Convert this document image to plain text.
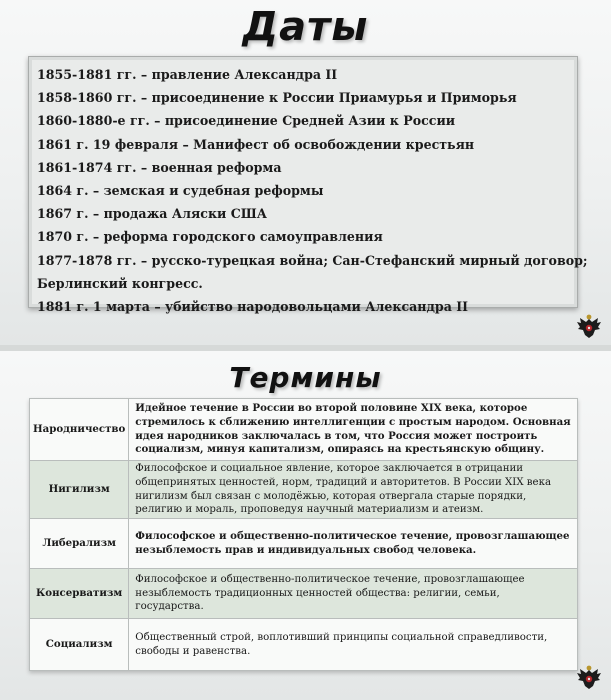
Даты
1855-1881 гг. – правление Александра II
1858-1860 гг. – присоединение к России Приамурья и Приморья
1860-1880-е гг. – присоединение Средней Азии к России
1861 г. 19 февраля – Манифест об освобождении крестьян
1861-1874 гг. – военная реформа
1864 г. – земская и судебная реформы
1867 г. – продажа Аляски США
1870 г. – реформа городского самоуправления
1877-1878 гг. – русско-турецкая война; Сан-Стефанский мирный договор;
Берлинский конгресс.
1881 г. 1 марта – убийство народовольцами Александра II
Термины
Народничество	Идейное течение в России во второй половине XIX века, которое стремилось к сближению интеллигенции с простым народом. Основная идея народников заключалась в том, что Россия может построить социализм, минуя капитализм, опираясь на крестьянскую общину.
Нигилизм	Философское и социальное явление, которое заключается в отрицании общепринятых ценностей, норм, традиций и авторитетов. В России XIX века нигилизм был связан с молодёжью, которая отвергала старые порядки, религию и мораль, проповедуя научный материализм и атеизм.
Либерализм	Философское и общественно-политическое течение, провозглашающее незыблемость прав и индивидуальных свобод человека.
Консерватизм	Философское и общественно-политическое течение, провозглашающее незыблемость традиционных ценностей общества: религии, семьи, государства.
Социализм	Общественный строй, воплотивший принципы социальной справедливости, свободы и равенства.
